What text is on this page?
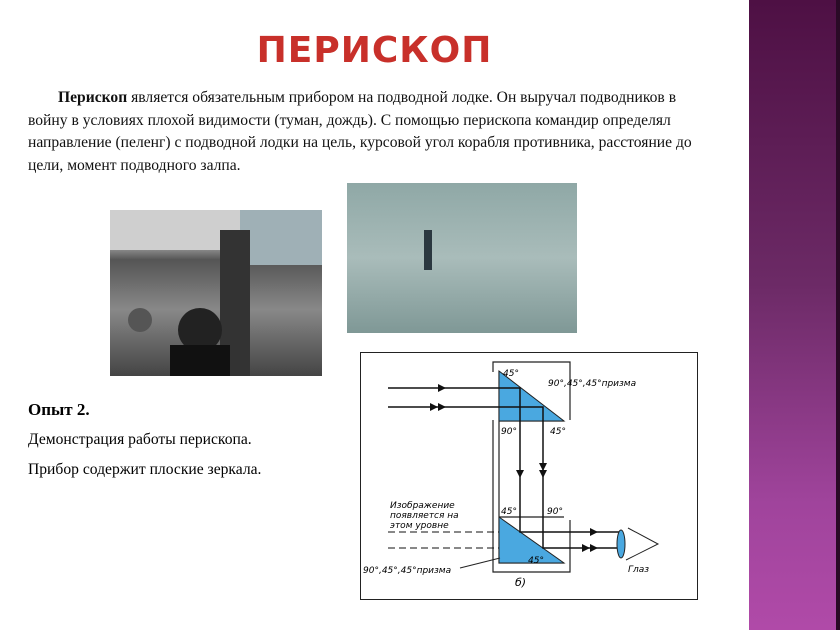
ПЕРИСКОП
Перископ является обязательным прибором на подводной лодке. Он выручал подводников в войну в условиях плохой видимости (туман, дождь). С помощью перископа командир определял направление (пеленг) с подводной лодки на цель, курсовой угол корабля противника, расстояние до цели, момент подводного залпа.
Опыт 2.
Демонстрация работы перископа.
Прибор содержит плоские зеркала.
45°
90°,45°,45°призма
90°	45°
45°	90°
45°
Изображение
появляется на
этом уровне
90°,45°,45°призма	Глаз
б)
